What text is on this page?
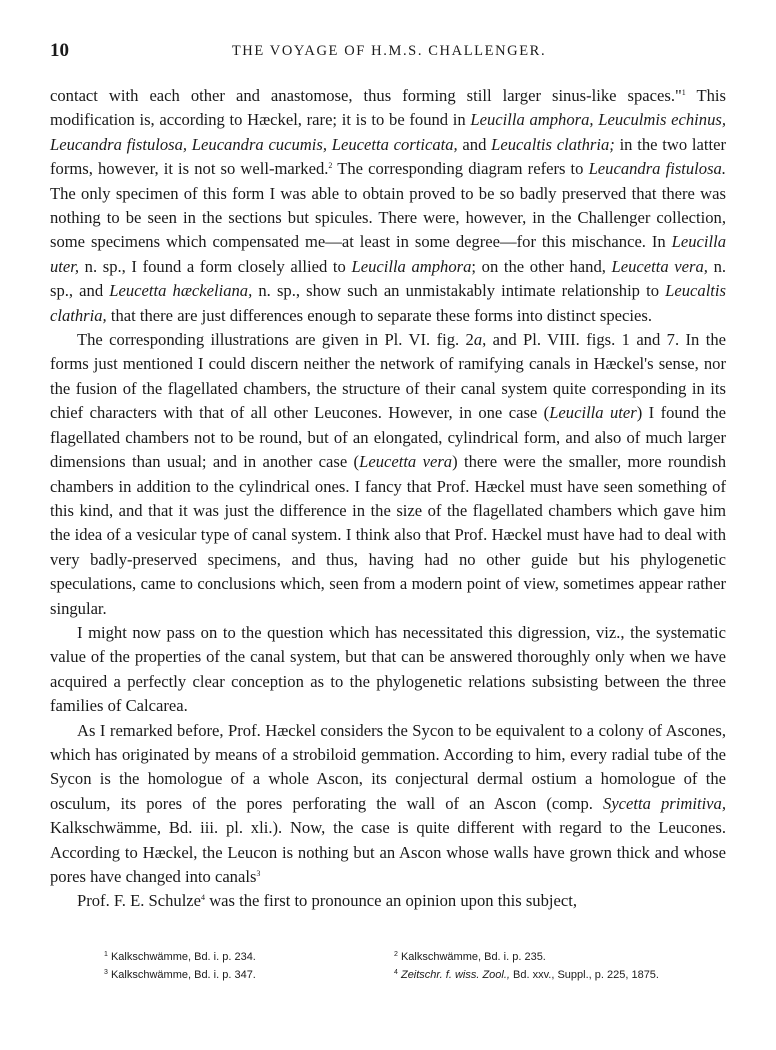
10	THE VOYAGE OF H.M.S. CHALLENGER.

contact with each other and anastomose, thus forming still larger sinus-like spaces."$^1$ This modification is, according to Hæckel, rare; it is to be found in Leucilla amphora, Leuculmis echinus, Leucandra fistulosa, Leucandra cucumis, Leucetta corticata, and Leucaltis clathria; in the two latter forms, however, it is not so well-marked.$^2$ The corresponding diagram refers to Leucandra fistulosa. The only specimen of this form I was able to obtain proved to be so badly preserved that there was nothing to be seen in the sections but spicules. There were, however, in the Challenger collection, some specimens which compensated me—at least in some degree—for this mischance. In Leucilla uter, n. sp., I found a form closely allied to Leucilla amphora; on the other hand, Leucetta vera, n. sp., and Leucetta hæckeliana, n. sp., show such an unmistakably intimate relationship to Leucaltis clathria, that there are just differences enough to separate these forms into distinct species.

The corresponding illustrations are given in Pl. VI. fig. 2a, and Pl. VIII. figs. 1 and 7. In the forms just mentioned I could discern neither the network of ramifying canals in Hæckel's sense, nor the fusion of the flagellated chambers, the structure of their canal system quite corresponding in its chief characters with that of all other Leucones. However, in one case (Leucilla uter) I found the flagellated chambers not to be round, but of an elongated, cylindrical form, and also of much larger dimensions than usual; and in another case (Leucetta vera) there were the smaller, more roundish chambers in addition to the cylindrical ones. I fancy that Prof. Hæckel must have seen something of this kind, and that it was just the difference in the size of the flagellated chambers which gave him the idea of a vesicular type of canal system. I think also that Prof. Hæckel must have had to deal with very badly-preserved specimens, and thus, having had no other guide but his phylogenetic speculations, came to conclusions which, seen from a modern point of view, sometimes appear rather singular.

I might now pass on to the question which has necessitated this digression, viz., the systematic value of the properties of the canal system, but that can be answered thoroughly only when we have acquired a perfectly clear conception as to the phylogenetic relations subsisting between the three families of Calcarea.

As I remarked before, Prof. Hæckel considers the Sycon to be equivalent to a colony of Ascones, which has originated by means of a strobiloid gemmation. According to him, every radial tube of the Sycon is the homologue of a whole Ascon, its conjectural dermal ostium a homologue of the osculum, its pores of the pores perforating the wall of an Ascon (comp. Sycetta primitiva, Kalkschwämme, Bd. iii. pl. xli.). Now, the case is quite different with regard to the Leucones. According to Hæckel, the Leucon is nothing but an Ascon whose walls have grown thick and whose pores have changed into canals$^3$

Prof. F. E. Schulze$^4$ was the first to pronounce an opinion upon this subject,

$^1$ Kalkschwämme, Bd. i. p. 234.	$^2$ Kalkschwämme, Bd. i. p. 235.
$^3$ Kalkschwämme, Bd. i. p. 347.	$^4$ Zeitschr. f. wiss. Zool., Bd. xxv., Suppl., p. 225, 1875.
